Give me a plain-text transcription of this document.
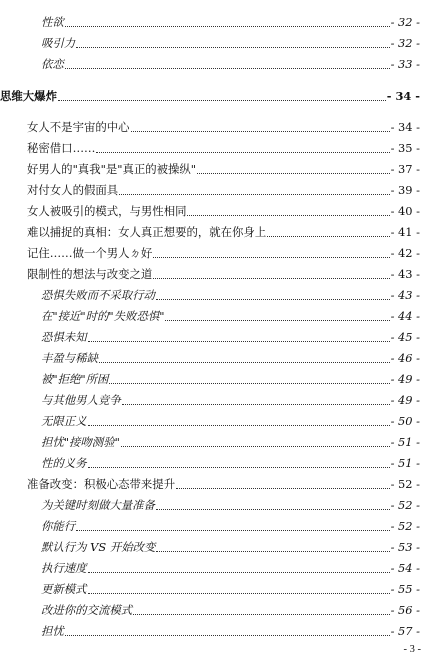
性欲	- 32 -
吸引力	- 32 -
依恋	- 33 -
思维大爆炸	- 34 -
女人不是宇宙的中心	- 34 -
秘密借口……	- 35 -
好男人的"真我"是"真正的被操纵"	- 37 -
对付女人的假面具	- 39 -
女人被吸引的模式，与男性相同	- 40 -
难以捕捉的真相：女人真正想要的，就在你身上	- 41 -
记住……做一个男人ㄉ好	- 42 -
限制性的想法与改变之道	- 43 -
恐惧失败而不采取行动	- 43 -
在"接近"时的"失败恐惧"	- 44 -
恐惧未知	- 45 -
丰盈与稀缺	- 46 -
被"拒绝"所困	- 49 -
与其他男人竞争	- 49 -
无限正义	- 50 -
担忧"接吻测验"	- 51 -
性的义务	- 51 -
准备改变：积极心态带来提升	- 52 -
为关键时刻做大量准备	- 52 -
你能行	- 52 -
默认行为 VS 开始改变	- 53 -
执行速度	- 54 -
更新模式	- 55 -
改进你的交流模式	- 56 -
担忧	- 57 -
- 3 -
